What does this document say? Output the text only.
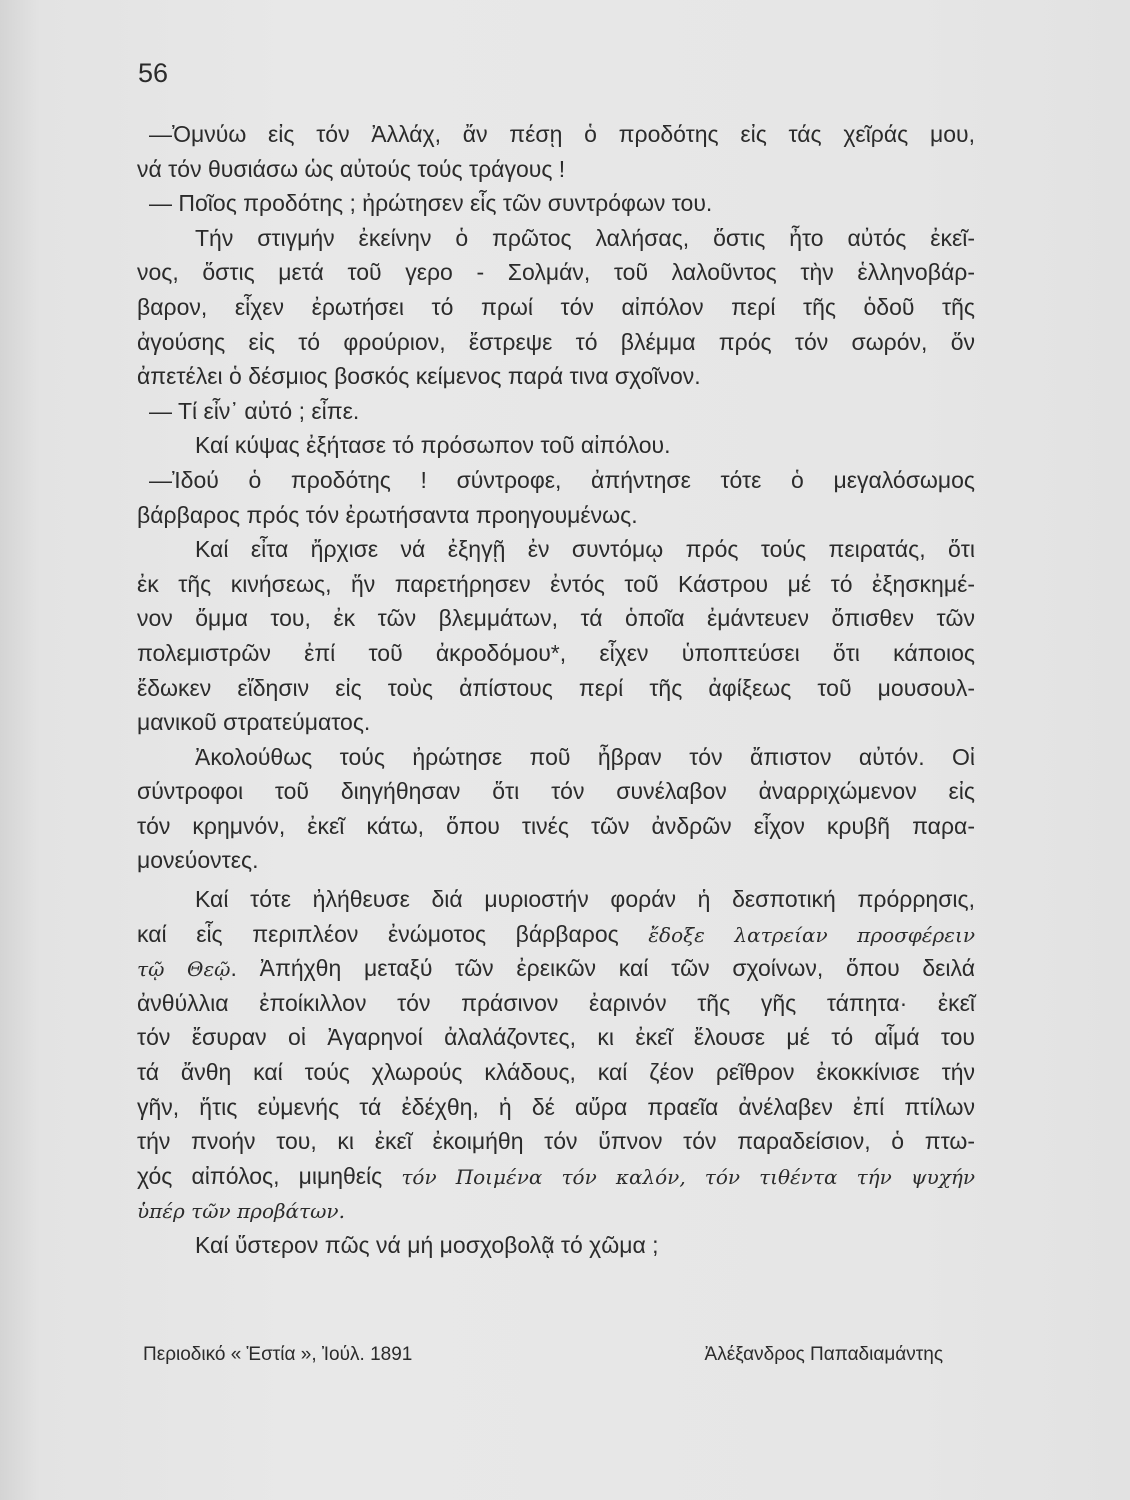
56
—Ὀμνύω εἰς τόν Ἀλλάχ, ἄν πέσῃ ὁ προδότης εἰς τάς χεῖράς μου,
νά τόν θυσιάσω ὡς αὐτούς τούς τράγους !
— Ποῖος προδότης ; ἠρώτησεν εἷς τῶν συντρόφων του.
Τήν στιγμήν ἐκείνην ὁ πρῶτος λαλήσας, ὅστις ἦτο αὐτός ἐκεῖ-
νος, ὅστις μετά τοῦ γερο - Σολμάν, τοῦ λαλοῦντος τὴν ἑλληνοβάρ-
βαρον, εἶχεν ἐρωτήσει τό πρωί τόν αἰπόλον περί τῆς ὁδοῦ τῆς
ἀγούσης εἰς τό φρούριον, ἔστρεψε τό βλέμμα πρός τόν σωρόν, ὅν
ἀπετέλει ὁ δέσμιος βοσκός κείμενος παρά τινα σχοῖνον.
— Τί εἶν᾽ αὐτό ; εἶπε.
Καί κύψας ἐξήτασε τό πρόσωπον τοῦ αἰπόλου.
—Ἰδού ὁ προδότης ! σύντροφε, ἀπήντησε τότε ὁ μεγαλόσωμος
βάρβαρος πρός τόν ἐρωτήσαντα προηγουμένως.
Καί εἶτα ἤρχισε νά ἐξηγῇ ἐν συντόμῳ πρός τούς πειρατάς, ὅτι
ἐκ τῆς κινήσεως, ἥν παρετήρησεν ἐντός τοῦ Κάστρου μέ τό ἐξησκημέ-
νον ὄμμα του, ἐκ τῶν βλεμμάτων, τά ὁποῖα ἐμάντευεν ὄπισθεν τῶν
πολεμιστρῶν ἐπί τοῦ ἀκροδόμου*, εἶχεν ὑποπτεύσει ὅτι κάποιος
ἔδωκεν εἴδησιν εἰς τοὺς ἀπίστους περί τῆς ἀφίξεως τοῦ μουσουλ-
μανικοῦ στρατεύματος.
Ἀκολούθως τούς ἠρώτησε ποῦ ἦβραν τόν ἄπιστον αὐτόν. Οἱ
σύντροφοι τοῦ διηγήθησαν ὅτι τόν συνέλαβον ἀναρριχώμενον εἰς
τόν κρημνόν, ἐκεῖ κάτω, ὅπου τινές τῶν ἀνδρῶν εἶχον κρυβῆ παρα-
μονεύοντες.
Καί τότε ἠλήθευσε διά μυριοστήν φοράν ἡ δεσποτική πρόρρησις,
καί εἷς περιπλέον ἐνώμοτος βάρβαρος ἔδοξε λατρείαν προσφέρειν
τῷ Θεῷ. Ἀπήχθη μεταξύ τῶν ἐρεικῶν καί τῶν σχοίνων, ὅπου δειλά
ἀνθύλλια ἐποίκιλλον τόν πράσινον ἐαρινόν τῆς γῆς τάπητα· ἐκεῖ
τόν ἔσυραν οἱ Ἀγαρηνοί ἀλαλάζοντες, κι ἐκεῖ ἔλουσε μέ τό αἷμά του
τά ἄνθη καί τούς χλωρούς κλάδους, καί ζέον ρεῖθρον ἐκοκκίνισε τήν
γῆν, ἥτις εὐμενής τά ἐδέχθη, ἡ δέ αὔρα πραεῖα ἀνέλαβεν ἐπί πτίλων
τήν πνοήν του, κι ἐκεῖ ἐκοιμήθη τόν ὕπνον τόν παραδείσιον, ὁ πτω-
χός αἰπόλος, μιμηθείς τόν Ποιμένα τόν καλόν, τόν τιθέντα τήν ψυχήν
ὑπέρ τῶν προβάτων.
Καί ὕστερον πῶς νά μή μοσχοβολᾷ τό χῶμα ;
Περιοδικό « Ἑστία », Ἰούλ. 1891	Ἀλέξανδρος Παπαδιαμάντης
